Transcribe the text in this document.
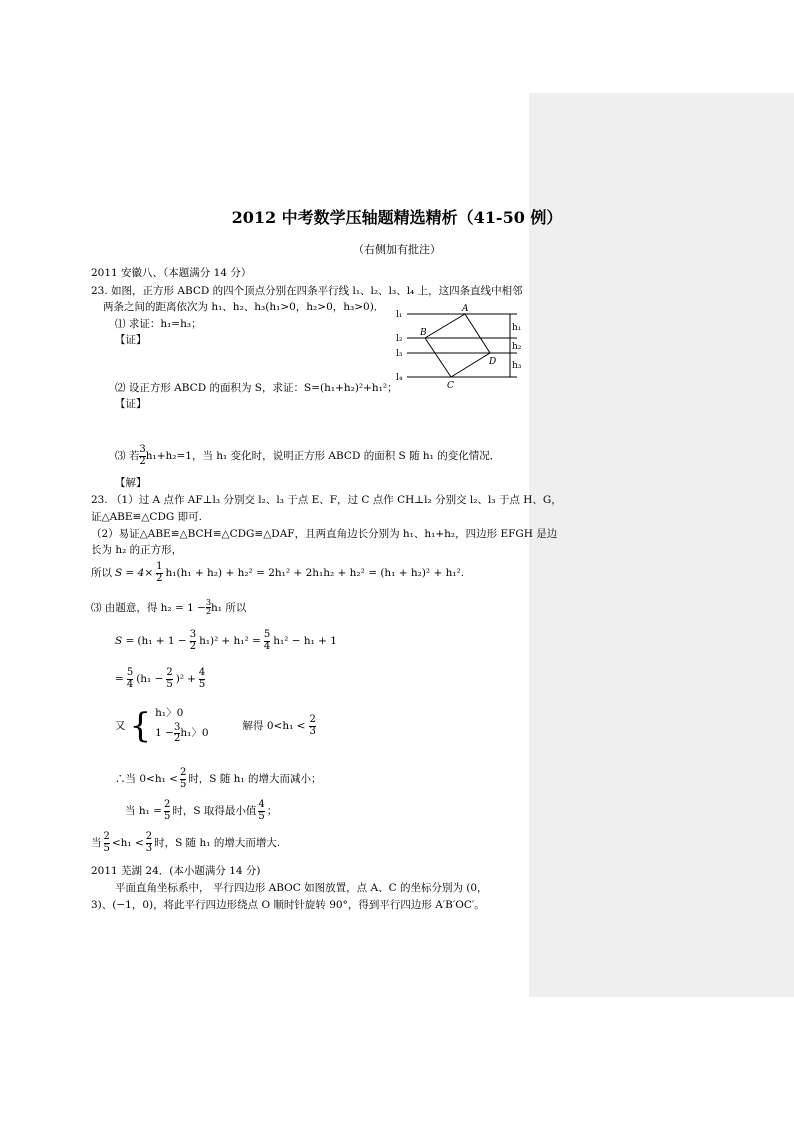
2012 中考数学压轴题精选精析（41-50 例）
（右侧加有批注）
2011 安徽八、（本题满分 14 分）
23. 如图，正方形 ABCD 的四个顶点分别在四条平行线 l₁、l₂、l₃、l₄ 上，这四条直线中相邻
两条之间的距离依次为 h₁、h₂、h₃(h₁>0，h₂>0，h₃>0)．
⑴ 求证：h₁=h₃；
【证】
⑵ 设正方形 ABCD 的面积为 S，求证：S=(h₁+h₂)²+h₁²；
【证】
⑶ 若 $\frac{3}{2} h_1+h_2=1$，当 h₁ 变化时，说明正方形 ABCD 的面积 S 随 h₁ 的变化情况．
【解】
l₁
l₂
l₃
l₄
A
B
C
D
h₁
h₂
h₃
23. （1）过 A 点作 AF⊥l₃ 分别交 l₂、l₃ 于点 E、F，过 C 点作 CH⊥l₂ 分别交 l₂、l₃ 于点 H、G，
证△ABE≌△CDG 即可.
（2）易证△ABE≌△BCH≌△CDG≌△DAF，且两直角边长分别为 h₁、h₁+h₂，四边形 EFGH 是边
长为 h₂ 的正方形，
所以 $S = 4\times \frac{1}{2} h_1(h_1 + h_2) + h_2^2 = 2h_1^2 + 2h_1h_2 + h_2^2 = (h_1 + h_2)^2 + h_1^2$.
⑶ 由题意，得 $h_2 = 1 - \frac{3}{2} h_1$ 所以
$S = (h_1 + 1 - \frac{3}{2} h_1)^2 + h_1^2 = \frac{5}{4} h_1^2 - h_1 + 1$
= $\frac{5}{4} (h_1 - \frac{2}{5} )^2 + \frac{4}{5}$
又 { h₁〉0
$1 - \frac{3}{2} h_1$〉0
解得 $0<h_1 < \frac{2}{3}$
∴当 $0<h_1 < \frac{2}{5}$ 时，S 随 h₁ 的增大而减小；
当 $h_1 = \frac{2}{5}$ 时，S 取得最小值 $\frac{4}{5}$ ；
当 $\frac{2}{5} <h_1 < \frac{2}{3}$ 时，S 随 h₁ 的增大而增大.
2011 芜湖 24．(本小题满分 14 分)
平面直角坐标系中， 平行四边形 ABOC 如图放置，点 A、C 的坐标分别为 (0，
3)、(−1，0)，将此平行四边形绕点 O 顺时针旋转 90°，得到平行四边形 A′B′OC′。
